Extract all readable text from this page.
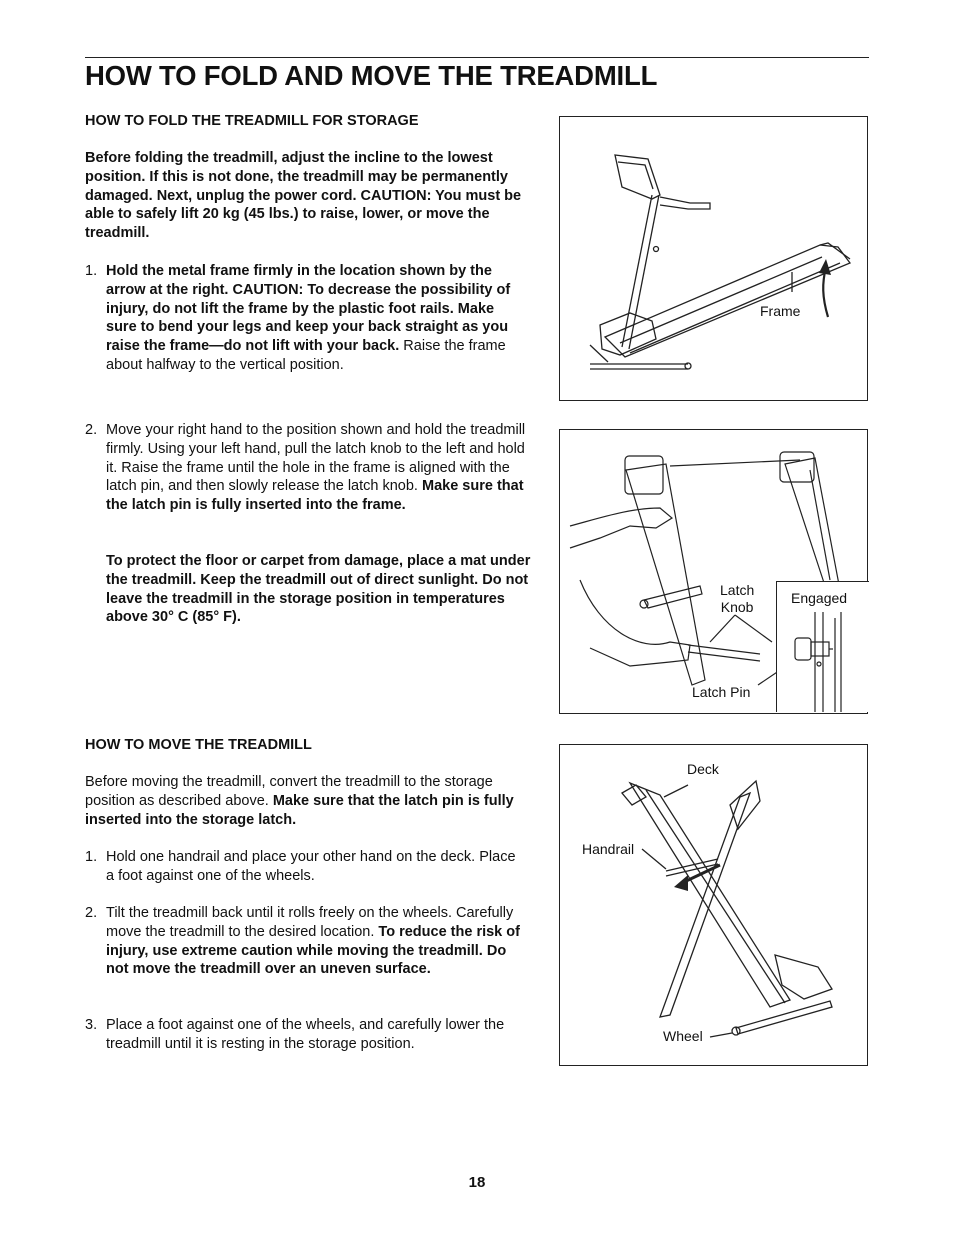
HOW TO FOLD AND MOVE THE TREADMILL

HOW TO FOLD THE TREADMILL FOR STORAGE

Before folding the treadmill, adjust the incline to the lowest position. If this is not done, the treadmill may be permanently damaged. Next, unplug the power cord. CAUTION: You must be able to safely lift 20 kg (45 lbs.) to raise, lower, or move the treadmill.

1. Hold the metal frame firmly in the location shown by the arrow at the right. CAUTION: To decrease the possibility of injury, do not lift the frame by the plastic foot rails. Make sure to bend your legs and keep your back straight as you raise the frame—do not lift with your back. Raise the frame about halfway to the vertical position.

2. Move your right hand to the position shown and hold the treadmill firmly. Using your left hand, pull the latch knob to the left and hold it. Raise the frame until the hole in the frame is aligned with the latch pin, and then slowly release the latch knob. Make sure that the latch pin is fully inserted into the frame.

To protect the floor or carpet from damage, place a mat under the treadmill. Keep the treadmill out of direct sunlight. Do not leave the treadmill in the storage position in temperatures above 30° C (85° F).

HOW TO MOVE THE TREADMILL

Before moving the treadmill, convert the treadmill to the storage position as described above. Make sure that the latch pin is fully inserted into the storage latch.

1. Hold one handrail and place your other hand on the deck. Place a foot against one of the wheels.

2. Tilt the treadmill back until it rolls freely on the wheels. Carefully move the treadmill to the desired location. To reduce the risk of injury, use extreme caution while moving the treadmill. Do not move the treadmill over an uneven surface.

3. Place a foot against one of the wheels, and carefully lower the treadmill until it is resting in the storage position.

Frame
Latch
Knob
Latch Pin
Engaged
Deck
Handrail
Wheel
18
